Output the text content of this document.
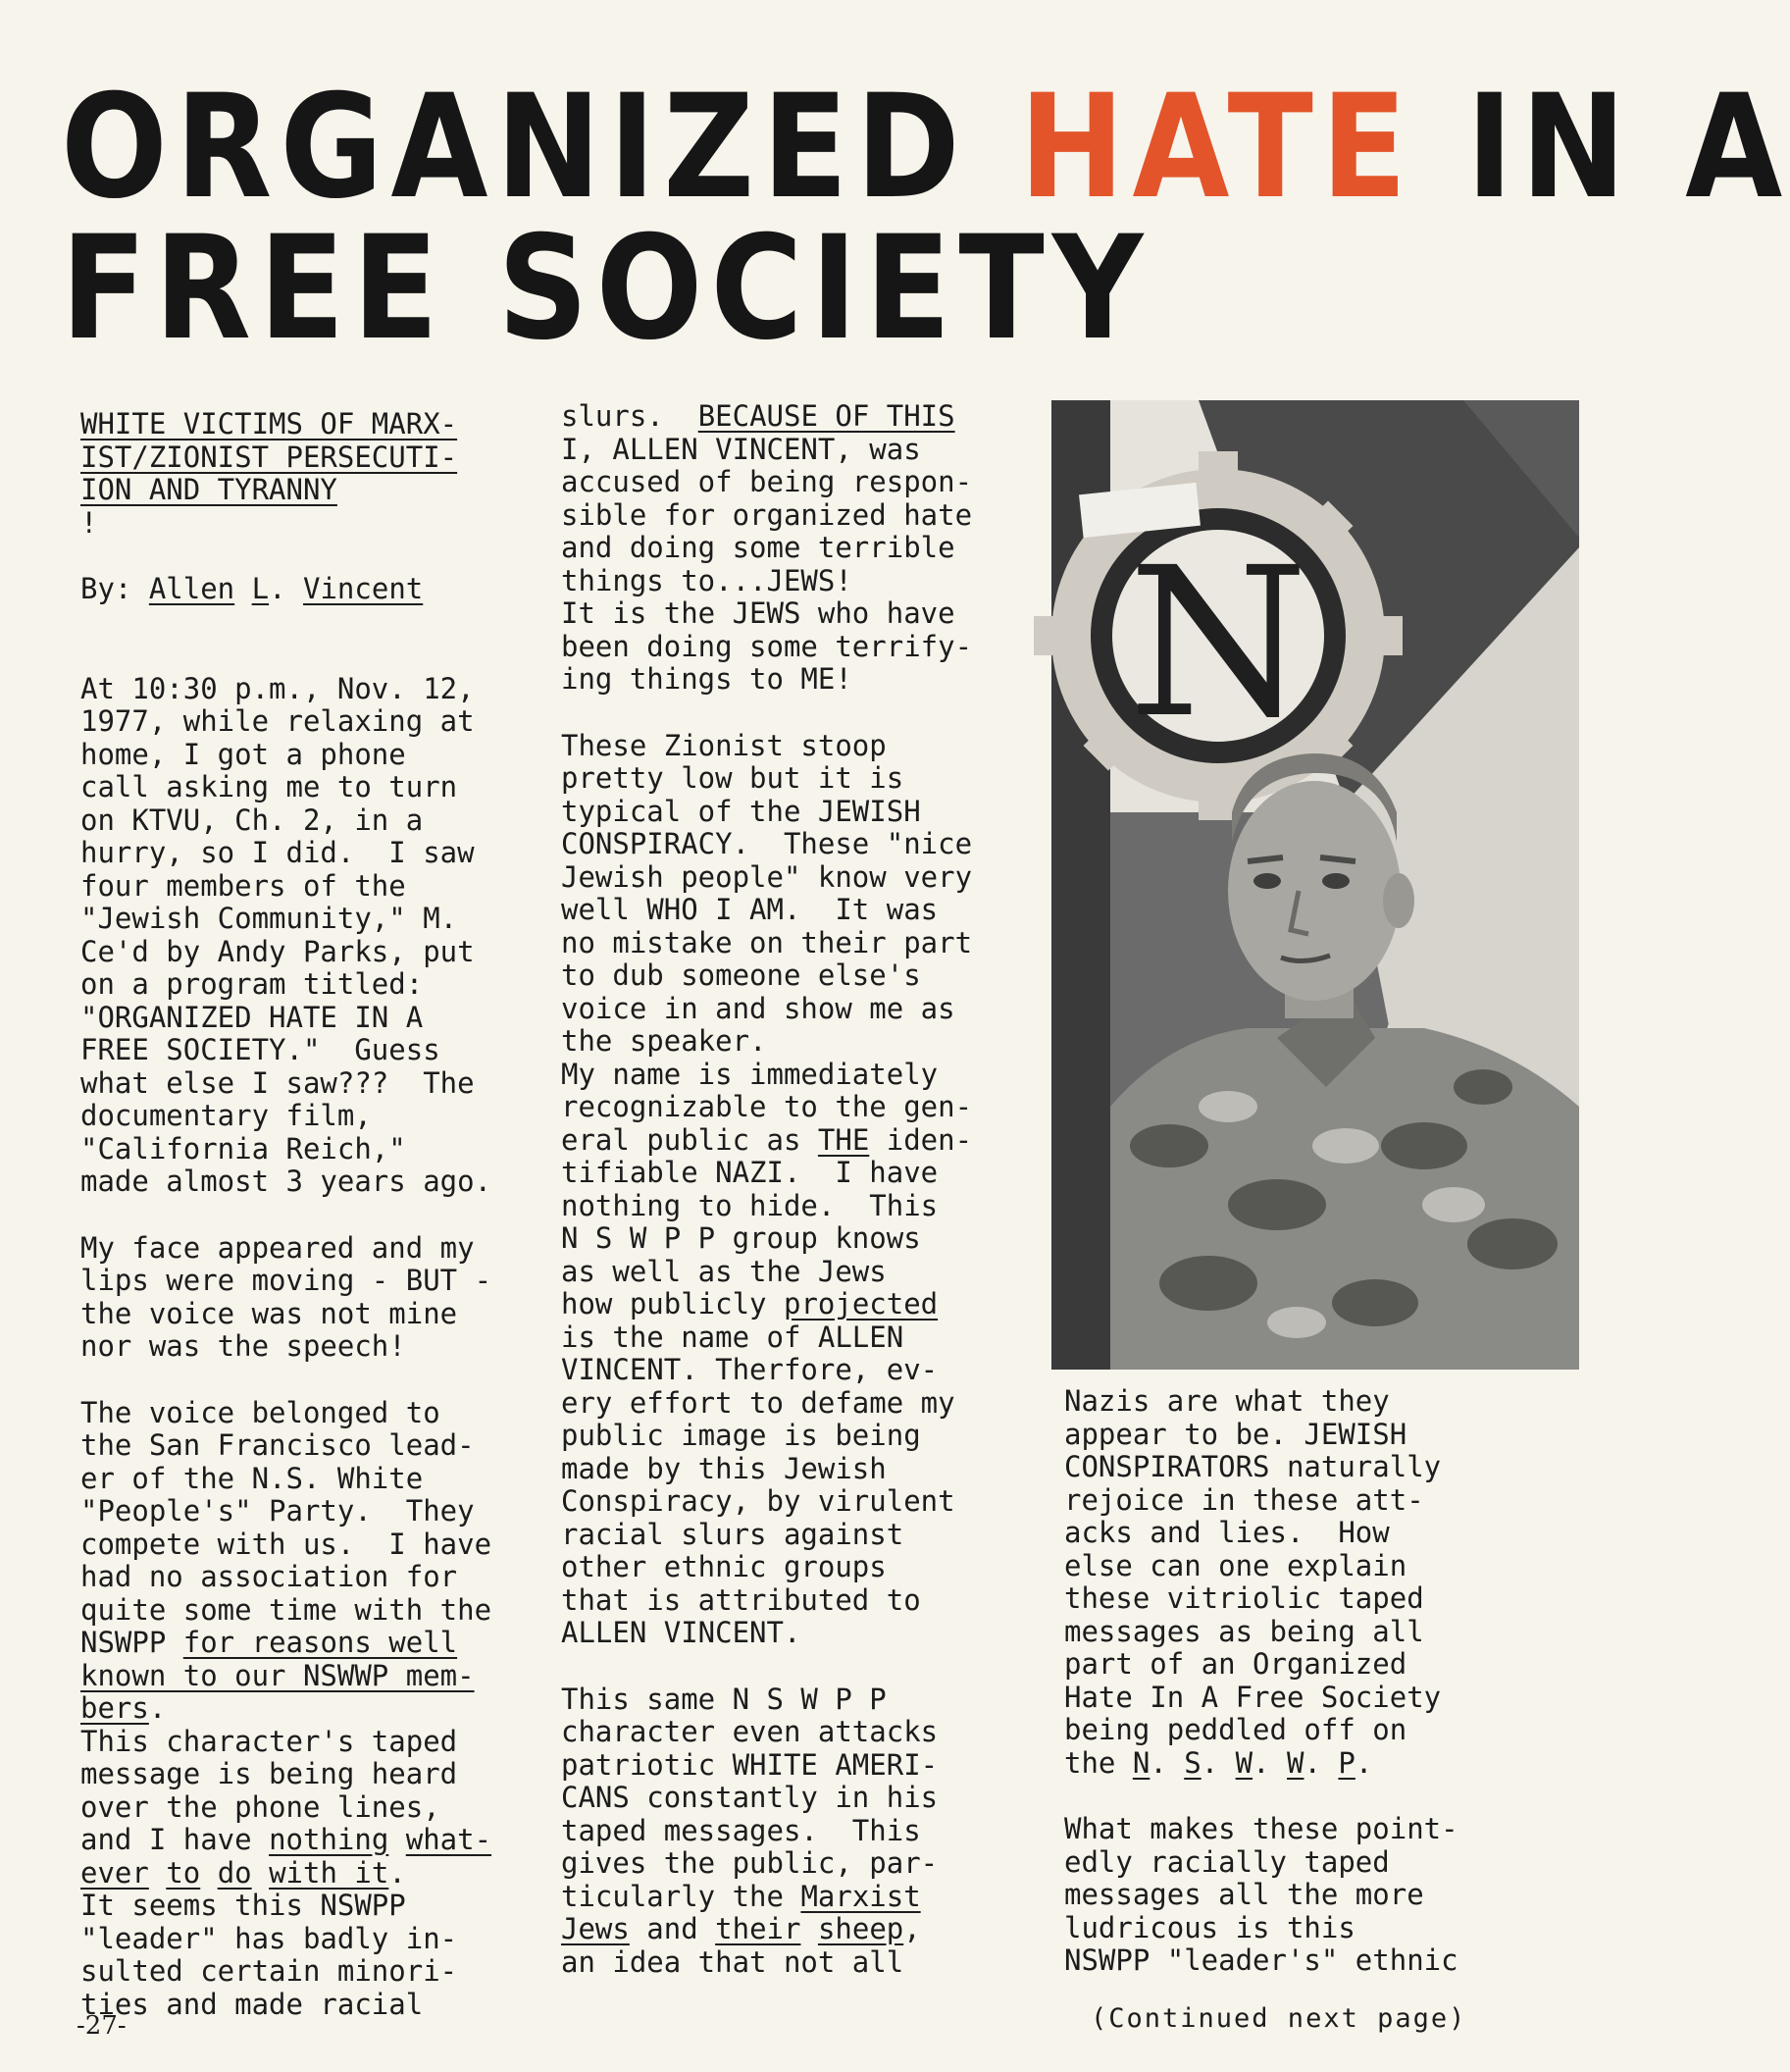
ORGANIZED HATE IN A
FREE SOCIETY
WHITE VICTIMS OF MARX-
IST/ZIONIST PERSECUTI-
ION AND TYRANNY
!

By: Allen L. Vincent

At 10:30 p.m., Nov. 12,
1977, while relaxing at
home, I got a phone
call asking me to turn
on KTVU, Ch. 2, in a
hurry, so I did.  I saw
four members of the
"Jewish Community," M.
Ce'd by Andy Parks, put
on a program titled:
"ORGANIZED HATE IN A
FREE SOCIETY."  Guess
what else I saw???  The
documentary film,
"California Reich,"
made almost 3 years ago.

My face appeared and my
lips were moving - BUT -
the voice was not mine
nor was the speech!

The voice belonged to
the San Francisco lead-
er of the N.S. White
"People's" Party.  They
compete with us.  I have
had no association for
quite some time with the
NSWPP for reasons well
known to our NSWWP mem-
bers.
This character's taped
message is being heard
over the phone lines,
and I have nothing what-
ever to do with it.
It seems this NSWPP
"leader" has badly in-
sulted certain minori-
ties and made racial
slurs.  BECAUSE OF THIS
I, ALLEN VINCENT, was
accused of being respon-
sible for organized hate
and doing some terrible
things to...JEWS!
It is the JEWS who have
been doing some terrify-
ing things to ME!

These Zionist stoop
pretty low but it is
typical of the JEWISH
CONSPIRACY.  These "nice
Jewish people" know very
well WHO I AM.  It was
no mistake on their part
to dub someone else's
voice in and show me as
the speaker.
My name is immediately
recognizable to the gen-
eral public as THE iden-
tifiable NAZI.  I have
nothing to hide.  This
N S W P P group knows
as well as the Jews
how publicly projected
is the name of ALLEN
VINCENT. Therfore, ev-
ery effort to defame my
public image is being
made by this Jewish
Conspiracy, by virulent
racial slurs against
other ethnic groups
that is attributed to
ALLEN VINCENT.

This same N S W P P
character even attacks
patriotic WHITE AMERI-
CANS constantly in his
taped messages.  This
gives the public, par-
ticularly the Marxist
Jews and their sheep,
an idea that not all
N
Nazis are what they
appear to be. JEWISH
CONSPIRATORS naturally
rejoice in these att-
acks and lies.  How
else can one explain
these vitriolic taped
messages as being all
part of an Organized
Hate In A Free Society
being peddled off on
the N. S. W. W. P.

What makes these point-
edly racially taped
messages all the more
ludricous is this
NSWPP "leader's" ethnic
-27-	(Continued next page)
